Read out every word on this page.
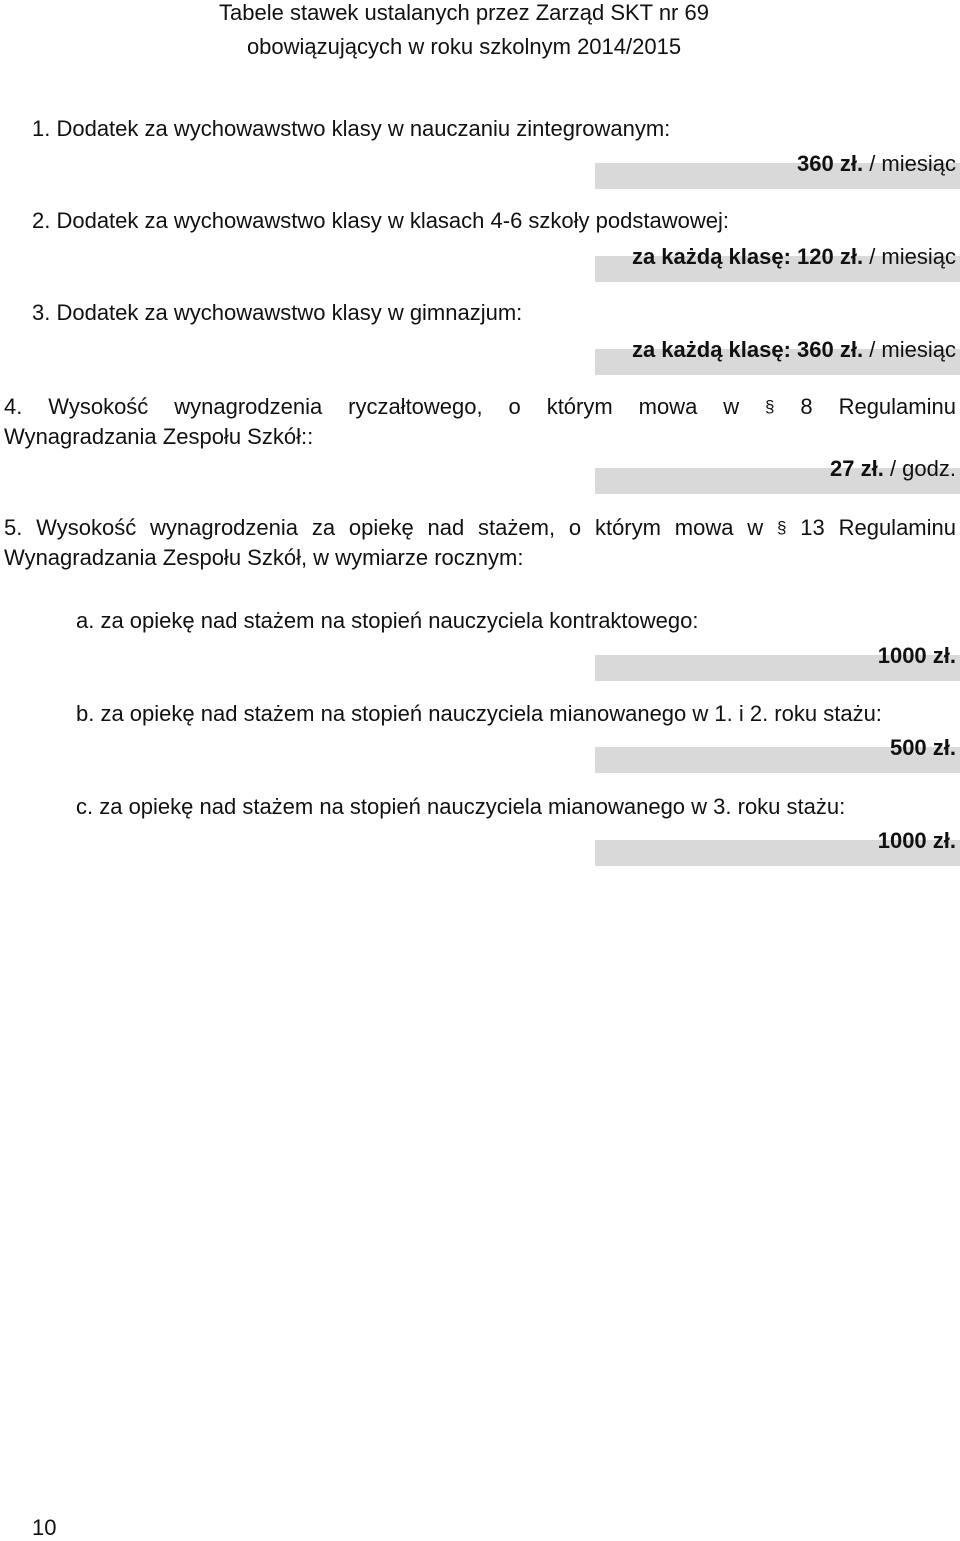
Tabele stawek ustalanych przez Zarząd SKT nr 69
obowiązujących w roku szkolnym 2014/2015
1. Dodatek za wychowawstwo klasy w nauczaniu zintegrowanym:
360 zł. / miesiąc
2. Dodatek za wychowawstwo klasy w klasach 4-6 szkoły podstawowej:
za każdą klasę: 120 zł. / miesiąc
3. Dodatek za wychowawstwo klasy w gimnazjum:
za każdą klasę: 360 zł. / miesiąc
4. Wysokość wynagrodzenia ryczałtowego, o którym mowa w § 8 Regulaminu
Wynagradzania Zespołu Szkół::
27 zł. / godz.
5. Wysokość wynagrodzenia za opiekę nad stażem, o którym mowa w § 13 Regulaminu
Wynagradzania Zespołu Szkół, w wymiarze rocznym:
a. za opiekę nad stażem na stopień nauczyciela kontraktowego:
1000 zł.
b. za opiekę nad stażem na stopień nauczyciela mianowanego w 1. i 2. roku stażu:
500 zł.
c. za opiekę nad stażem na stopień nauczyciela mianowanego w 3. roku stażu:
1000 zł.
10
